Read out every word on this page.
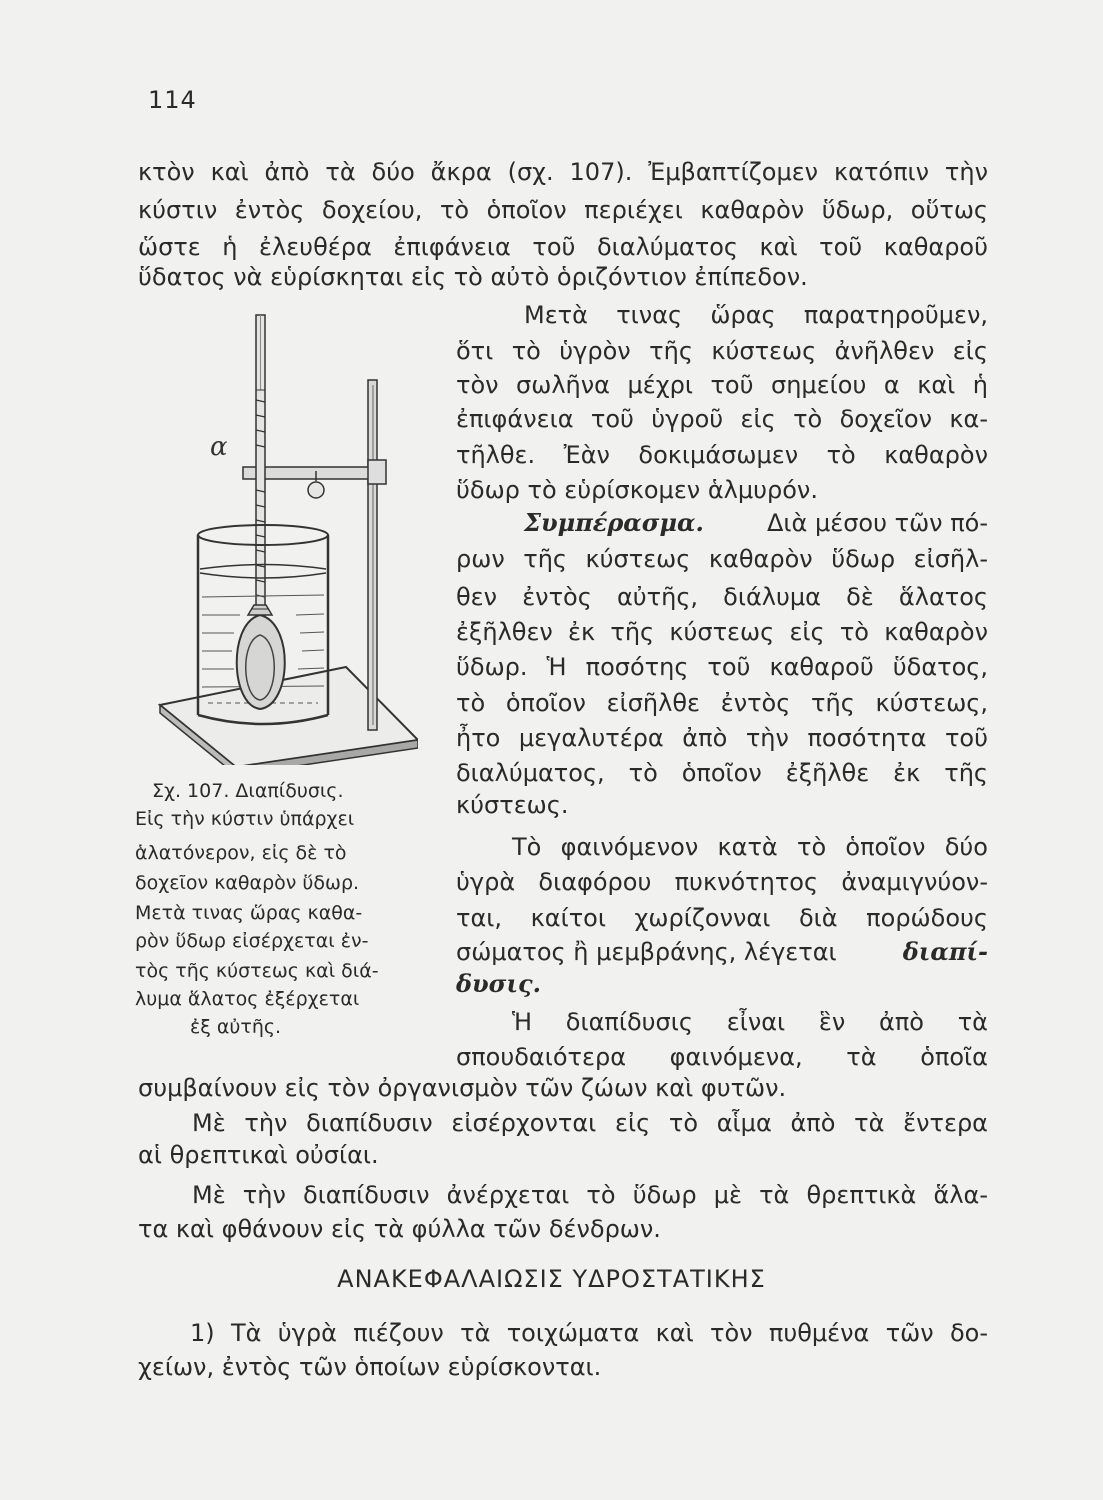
114
κτὸν καὶ ἀπὸ τὰ δύο ἄκρα (σχ. 107). Ἐμβαπτίζομεν κατόπιν τὴν
κύστιν ἐντὸς δοχείου, τὸ ὁποῖον περιέχει καθαρὸν ὕδωρ, οὕτως
ὥστε ἡ ἐλευθέρα ἐπιφάνεια τοῦ διαλύματος καὶ τοῦ καθαροῦ
ὕδατος νὰ εὑρίσκηται εἰς τὸ αὐτὸ ὁριζόντιον ἐπίπεδον.
Μετὰ τινας ὥρας παρατηροῦμεν,
ὅτι τὸ ὑγρὸν τῆς κύστεως ἀνῆλθεν εἰς
τὸν σωλῆνα μέχρι τοῦ σημείου α καὶ ἡ
ἐπιφάνεια τοῦ ὑγροῦ εἰς τὸ δοχεῖον κα-
τῆλθε. Ἐὰν δοκιμάσωμεν τὸ καθαρὸν
ὕδωρ τὸ εὑρίσκομεν ἁλμυρόν.
Συμπέρασμα.	Διὰ μέσου τῶν πό-
ρων τῆς κύστεως καθαρὸν ὕδωρ εἰσῆλ-
θεν ἐντὸς αὐτῆς, διάλυμα δὲ ἅλατος
ἐξῆλθεν ἐκ τῆς κύστεως εἰς τὸ καθαρὸν
ὕδωρ. Ἡ ποσότης τοῦ καθαροῦ ὕδατος,
τὸ ὁποῖον εἰσῆλθε ἐντὸς τῆς κύστεως,
ἦτο μεγαλυτέρα ἀπὸ τὴν ποσότητα τοῦ
διαλύματος, τὸ ὁποῖον ἐξῆλθε ἐκ τῆς
κύστεως.
Τὸ φαινόμενον κατὰ τὸ ὁποῖον δύο
ὑγρὰ διαφόρου πυκνότητος ἀναμιγνύον-
ται, καίτοι χωρίζονναι διὰ πορώδους
σώματος ἢ μεμβράνης, λέγεται	διαπί-
δυσις.
Ἡ διαπίδυσις εἶναι ἓν ἀπὸ τὰ
σπουδαιότερα φαινόμενα, τὰ ὁποῖα
συμβαίνουν εἰς τὸν ὀργανισμὸν τῶν ζώων καὶ φυτῶν.
Μὲ τὴν διαπίδυσιν εἰσέρχονται εἰς τὸ αἷμα ἀπὸ τὰ ἔντερα
αἱ θρεπτικαὶ οὐσίαι.
Μὲ τὴν διαπίδυσιν ἀνέρχεται τὸ ὕδωρ μὲ τὰ θρεπτικὰ ἅλα-
τα καὶ φθάνουν εἰς τὰ φύλλα τῶν δένδρων.
ΑΝΑΚΕΦΑΛΑΙΩΣΙΣ ΥΔΡΟΣΤΑΤΙΚΗΣ
1) Τὰ ὑγρὰ πιέζουν τὰ τοιχώματα καὶ τὸν πυθμένα τῶν δο-
χείων, ἐντὸς τῶν ὁποίων εὑρίσκονται.
α
Σχ. 107. Διαπίδυσις.
Εἰς τὴν κύστιν ὑπάρχει
ἁλατόνερον, εἰς δὲ τὸ
δοχεῖον καθαρὸν ὕδωρ.
Μετὰ τινας ὥρας καθα-
ρὸν ὕδωρ εἰσέρχεται ἐν-
τὸς τῆς κύστεως καὶ διά-
λυμα ἅλατος ἐξέρχεται
ἐξ αὐτῆς.
